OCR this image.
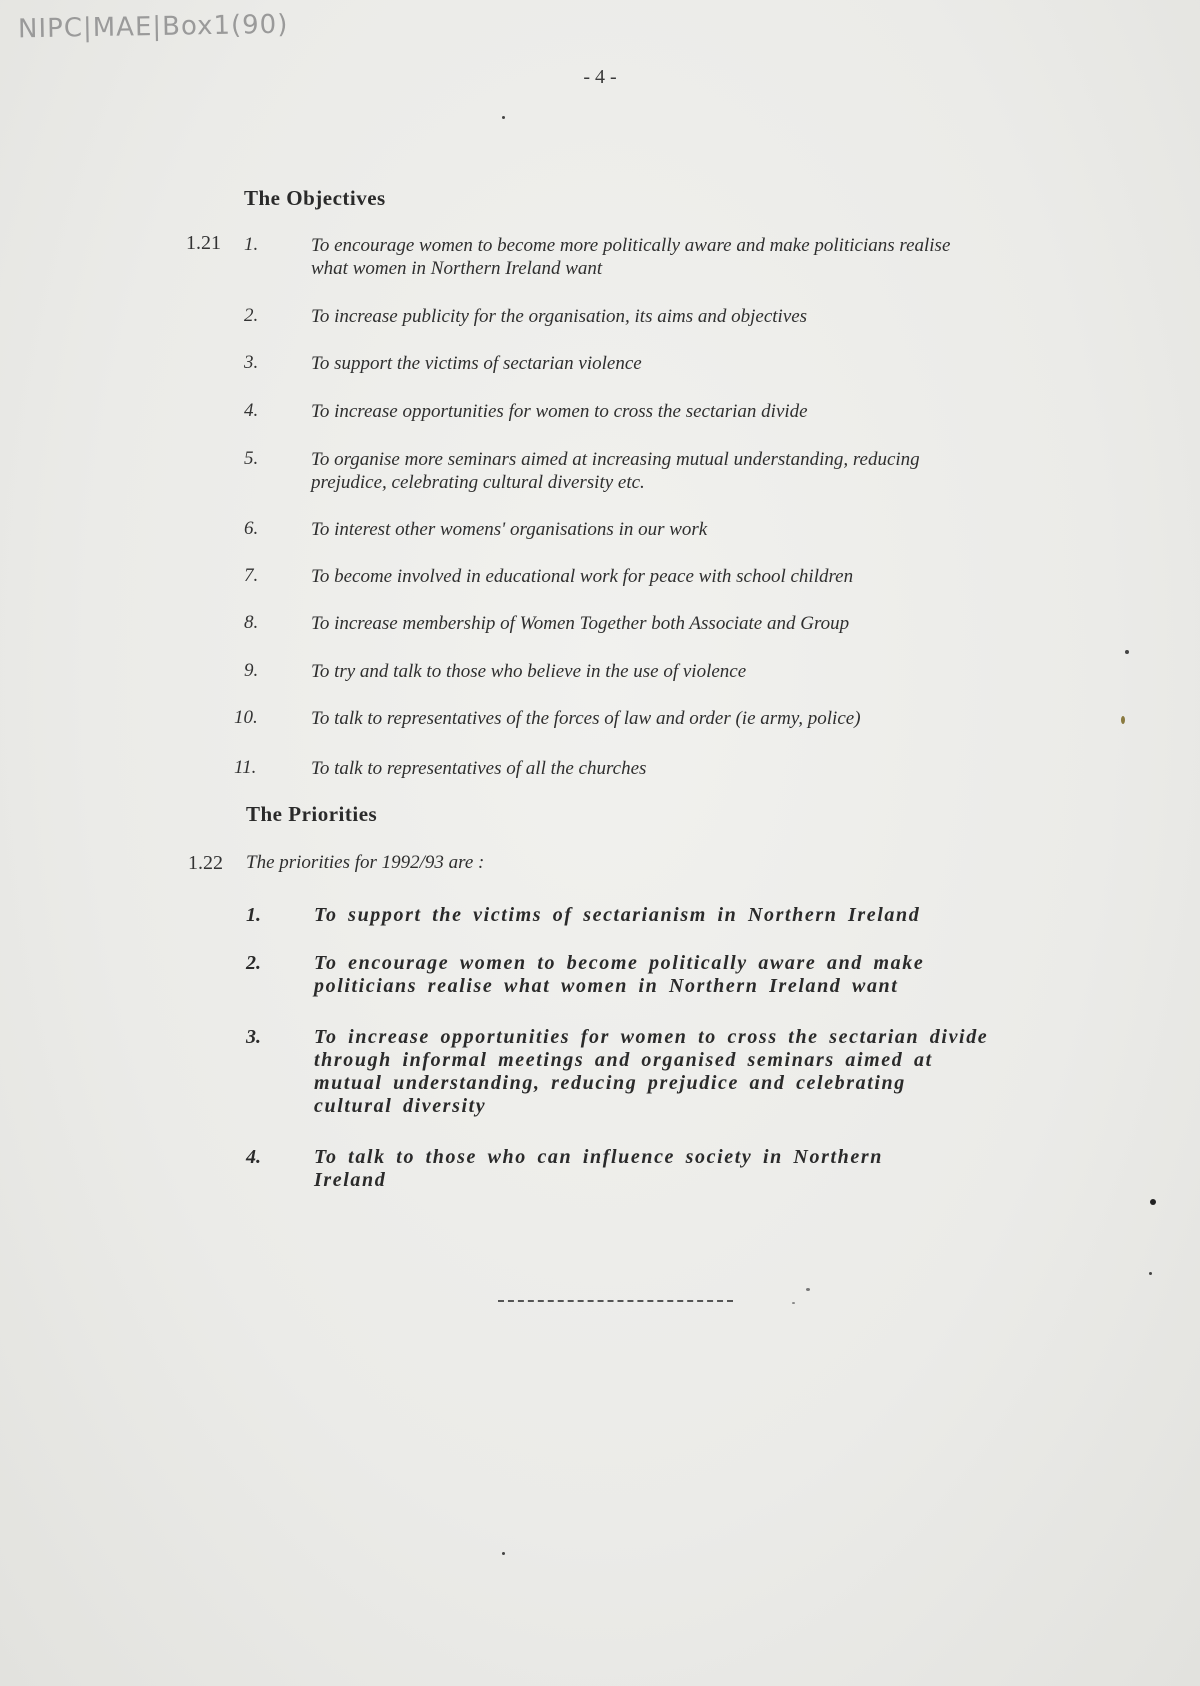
NIPC|MAE|Box1(90)
- 4 -
The Objectives
1.21 1.	To encourage women to become more politically aware and make politicians realise what women in Northern Ireland want
2.	To increase publicity for the organisation, its aims and objectives
3.	To support the victims of sectarian violence
4.	To increase opportunities for women to cross the sectarian divide
5.	To organise more seminars aimed at increasing mutual understanding, reducing prejudice, celebrating cultural diversity etc.
6.	To interest other womens' organisations in our work
7.	To become involved in educational work for peace with school children
8.	To increase membership of Women Together both Associate and Group
9.	To try and talk to those who believe in the use of violence
10.	To talk to representatives of the forces of law and order (ie army, police)
11.	To talk to representatives of all the churches
The Priorities
1.22 The priorities for 1992/93 are :
1.	To support the victims of sectarianism in Northern Ireland
2.	To encourage women to become politically aware and make politicians realise what women in Northern Ireland want
3.	To increase opportunities for women to cross the sectarian divide through informal meetings and organised seminars aimed at mutual understanding, reducing prejudice and celebrating cultural diversity
4.	To talk to those who can influence society in Northern Ireland
